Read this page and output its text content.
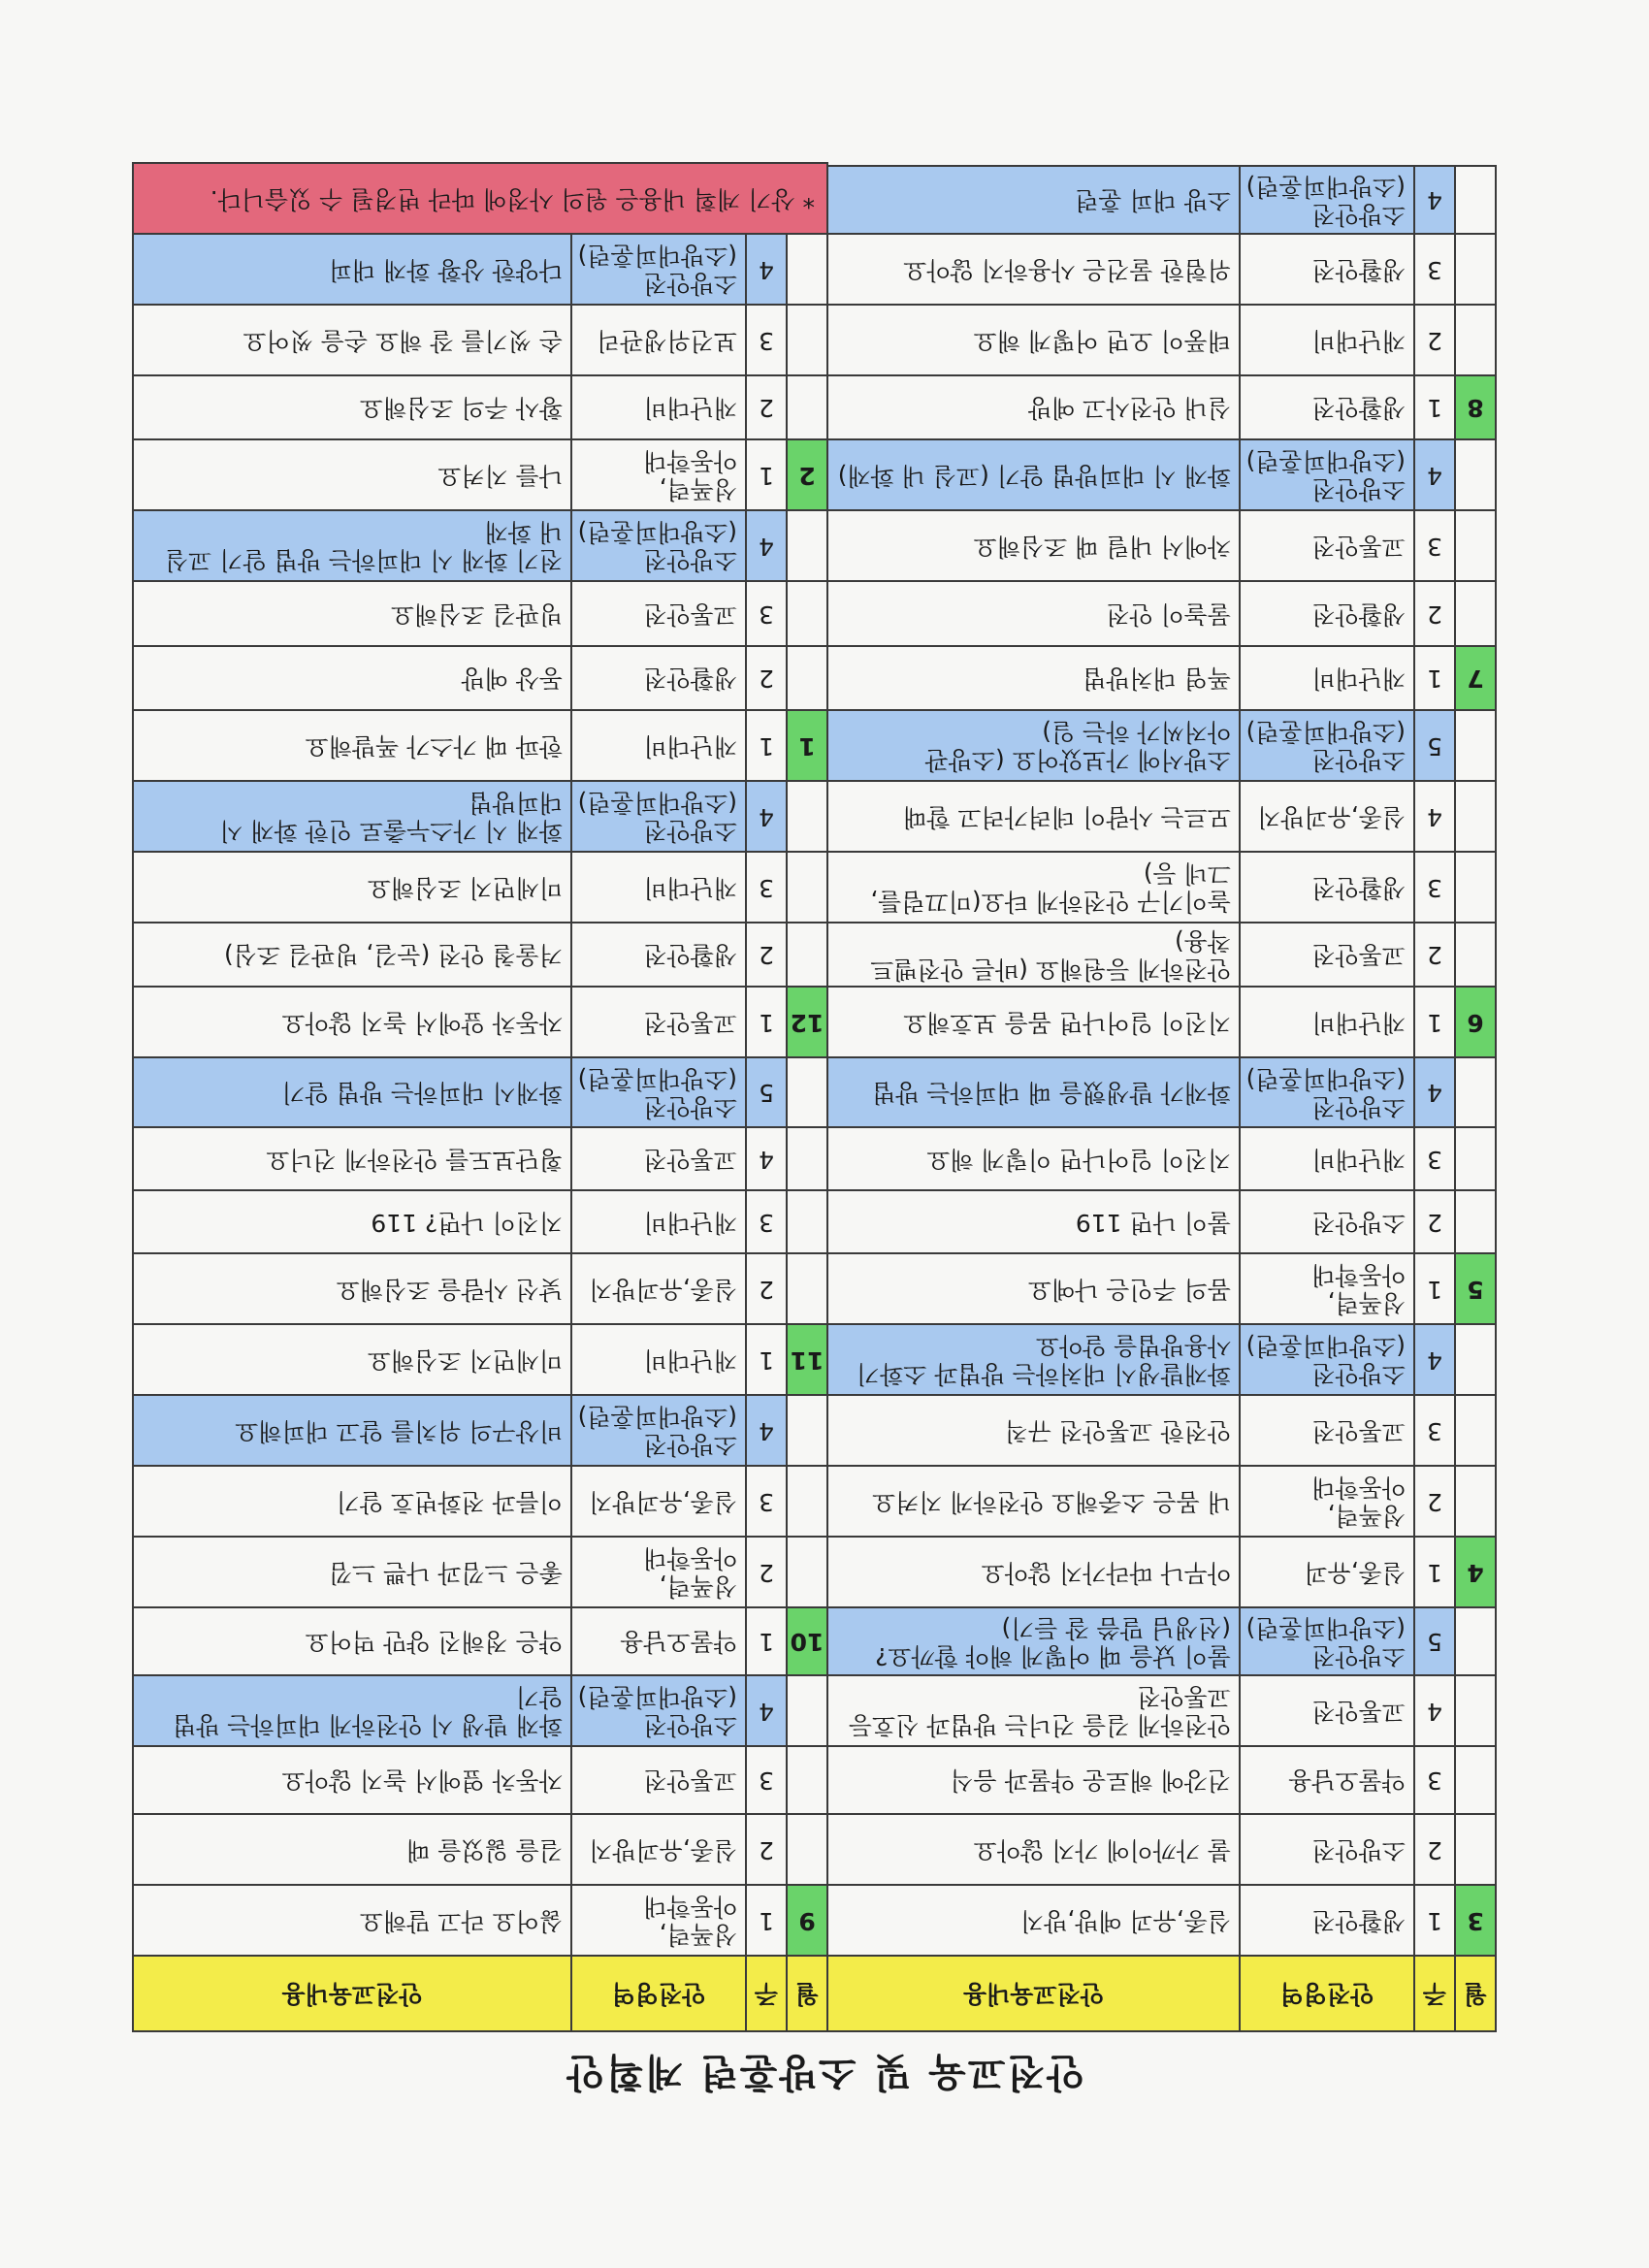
안전교육 및 소방훈련 계획안
월	주	안전영역	안전교육내용
3	1	생활안전	실종,유괴 예방,방지
	2	소방안전	불 가까이에 가지 않아요
	3	약물오남용	건강에 해로운 약물과 음식
	4	교통안전	안전하게 길을 건너는 방법과 신호등 교통안전
	5	소방안전(소방대피훈련)	불이 났을 때 어떻게 해야 할까요?(선생님 말씀 잘 듣기)
4	1	실종,유괴	아무나 따라가지 않아요
	2	성폭력,아동학대	내 몸은 소중해요 안전하게 지켜요
	3	교통안전	안전한 교통안전 규칙
	4	소방안전(소방대피훈련)	화재발생시 대처하는 방법과 소화기 사용방법을 알아요
5	1	성폭력,아동학대	몸의 주인은 나예요
	2	소방안전	불이 나면 119
	3	재난대비	지진이 일어나면 이렇게 해요
	4	소방안전(소방대피훈련)	화재가 발생했을 때 대피하는 방법
6	1	재난대비	지진이 일어나면 몸을 보호해요
	2	교통안전	안전하게 등원해요 (바른 안전벨트 착용)
	3	생활안전	놀이기구 안전하게 타요(미끄럼틀, 그네 등)
	4	실종,유괴방지	모르는 사람이 데려가려고 할때
	5	소방안전(소방대피훈련)	소방서에 가보았어요 (소방관 아저씨가 하는 일)
7	1	재난대비	폭염 대처방법
	2	생활안전	물놀이 안전
	3	교통안전	차에서 내릴 때 조심해요
	4	소방안전(소방대피훈련)	화재 시 대피방법 알기 (교실 내 화재)
8	1	생활안전	실내 안전사고 예방
	2	재난대비	태풍이 오면 어떻게 해요
	3	생활안전	위험한 물건은 사용하지 않아요
	4	소방안전(소방대피훈련)	소방 대피 훈련
월	주	안전영역	안전교육내용
9	1	성폭력,아동학대	싫어요 라고 말해요
	2	실종,유괴방지	길을 잃었을 때
	3	교통안전	자동차 옆에서 놀지 않아요
	4	소방안전(소방대피훈련)	화재 발생 시 안전하게 대피하는 방법 알기
10	1	약물오남용	약은 정해진 양만 먹어요
	2	성폭력,아동학대	좋은 느낌과 나쁜 느낌
	3	실종,유괴방지	이름과 전화번호 알기
	4	소방안전(소방대피훈련)	비상구의 위치를 알고 대피해요
11	1	재난대비	미세먼지 조심해요
	2	실종,유괴방지	낯선 사람을 조심해요
	3	재난대비	지진이 나면? 119
	4	교통안전	횡단보도를 안전하게 건너요
	5	소방안전(소방대피훈련)	화재시 대피하는 방법 알기
12	1	교통안전	자동차 앞에서 놀지 않아요
	2	생활안전	겨울철 안전 (눈길, 빙판길 조심)
	3	재난대비	미세먼지 조심해요
	4	소방안전(소방대피훈련)	화재 시 가스누출로 인한 화재 시 대피방법
1	1	재난대비	한파 때 가스가 폭발해요
	2	생활안전	동상 예방
	3	교통안전	빙판길 조심해요
	4	소방안전(소방대피훈련)	전기 화재 시 대피하는 방법 알기 교실 내 화재
2	1	성폭력,아동학대	나를 지켜요
	2	재난대비	황사 주의 조심해요
	3	보건위생관리	손 씻기를 잘 해요 손을 씻어요
	4	소방안전(소방대피훈련)	다양한 상황 화재 대피
* 상기 계획 내용은 원의 사정에 따라 변경될 수 있습니다.			
